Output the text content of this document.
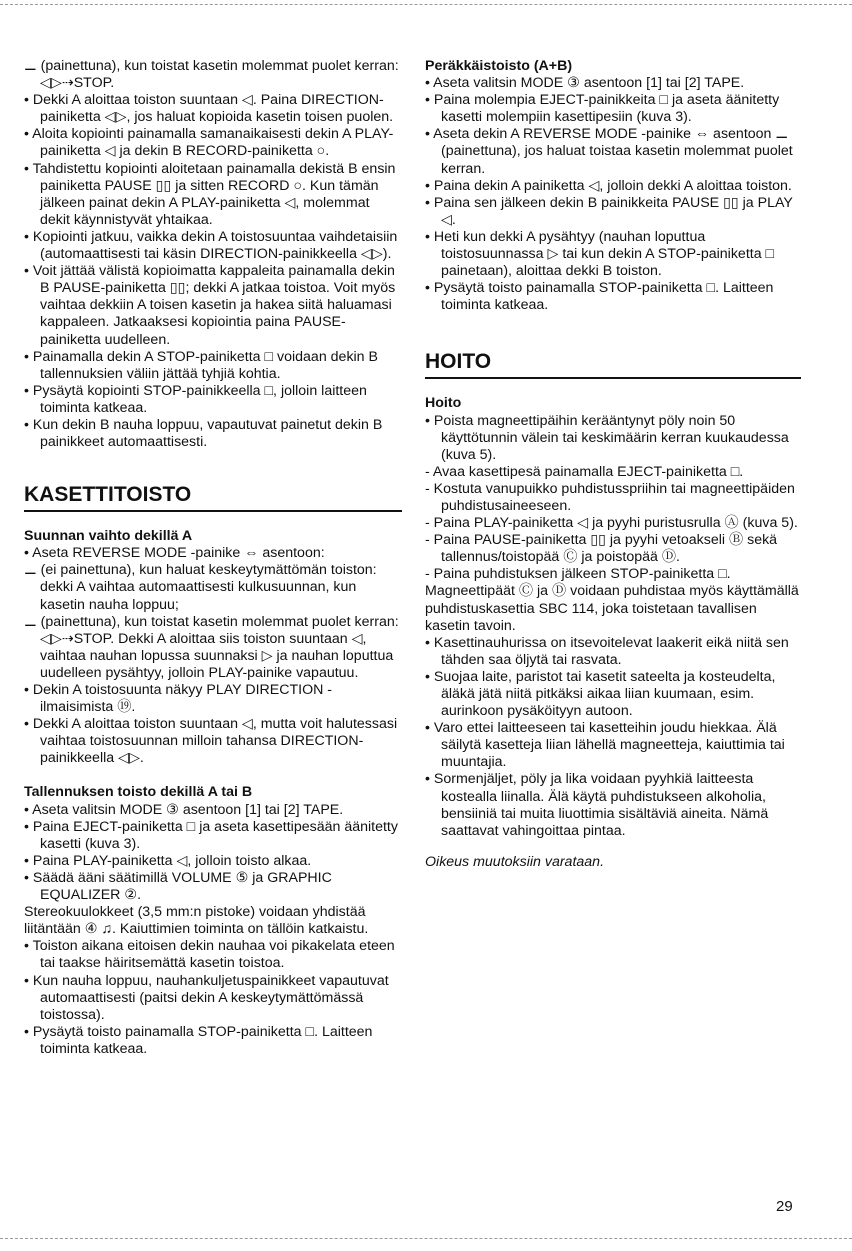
⚊ (painettuna), kun toistat kasetin molemmat puolet kerran: ◁▷⇢STOP.

• Dekki A aloittaa toiston suuntaan ◁. Paina DIRECTION-painiketta ◁▷, jos haluat kopioida kasetin toisen puolen.

• Aloita kopiointi painamalla samanaikaisesti dekin A PLAY-painiketta ◁ ja dekin B RECORD-painiketta ○.

• Tahdistettu kopiointi aloitetaan painamalla dekistä B ensin painiketta PAUSE ▯▯ ja sitten RECORD ○. Kun tämän jälkeen painat dekin A PLAY-painiketta ◁, molemmat dekit käynnistyvät yhtaikaa.

• Kopiointi jatkuu, vaikka dekin A toistosuuntaa vaihdetaisiin (automaattisesti tai käsin DIRECTION-painikkeella ◁▷).

• Voit jättää välistä kopioimatta kappaleita painamalla dekin B PAUSE-painiketta ▯▯; dekki A jatkaa toistoa. Voit myös vaihtaa dekkiin A toisen kasetin ja hakea siitä haluamasi kappaleen. Jatkaaksesi kopiointia paina PAUSE-painiketta uudelleen.

• Painamalla dekin A STOP-painiketta □ voidaan dekin B tallennuksien väliin jättää tyhjiä kohtia.

• Pysäytä kopiointi STOP-painikkeella □, jolloin laitteen toiminta katkeaa.

• Kun dekin B nauha loppuu, vapautuvat painetut dekin B painikkeet automaattisesti.

KASETTITOISTO

Suunnan vaihto dekillä A

• Aseta REVERSE MODE -painike ⇔ asentoon:

⚊ (ei painettuna), kun haluat keskeytymättömän toiston: dekki A vaihtaa automaattisesti kulkusuunnan, kun kasetin nauha loppuu;

⚊ (painettuna), kun toistat kasetin molemmat puolet kerran: ◁▷⇢STOP. Dekki A aloittaa siis toiston suuntaan ◁, vaihtaa nauhan lopussa suunnaksi ▷ ja nauhan loputtua uudelleen pysähtyy, jolloin PLAY-painike vapautuu.

• Dekin A toistosuunta näkyy PLAY DIRECTION -ilmaisimista ⑲.

• Dekki A aloittaa toiston suuntaan ◁, mutta voit halutessasi vaihtaa toistosuunnan milloin tahansa DIRECTION-painikkeella ◁▷.

Tallennuksen toisto dekillä A tai B

• Aseta valitsin MODE ③ asentoon [1] tai [2] TAPE.

• Paina EJECT-painiketta □ ja aseta kasettipesään äänitetty kasetti (kuva 3).

• Paina PLAY-painiketta ◁, jolloin toisto alkaa.

• Säädä ääni säätimillä VOLUME ⑤ ja GRAPHIC EQUALIZER ②.

Stereokuulokkeet (3,5 mm:n pistoke) voidaan yhdistää liitäntään ④ ♫. Kaiuttimien toiminta on tällöin katkaistu.

• Toiston aikana eitoisen dekin nauhaa voi pikakelata eteen tai taakse häiritsemättä kasetin toistoa.

• Kun nauha loppuu, nauhankuljetuspainikkeet vapautuvat automaattisesti (paitsi dekin A keskeytymättömässä toistossa).

• Pysäytä toisto painamalla STOP-painiketta □. Laitteen toiminta katkeaa.

Peräkkäistoisto (A+B)

• Aseta valitsin MODE ③ asentoon [1] tai [2] TAPE.

• Paina molempia EJECT-painikkeita □ ja aseta äänitetty kasetti molempiin kasettipesiin (kuva 3).

• Aseta dekin A REVERSE MODE -painike ⇔ asentoon ⚊ (painettuna), jos haluat toistaa kasetin molemmat puolet kerran.

• Paina dekin A painiketta ◁, jolloin dekki A aloittaa toiston.

• Paina sen jälkeen dekin B painikkeita PAUSE ▯▯ ja PLAY ◁.

• Heti kun dekki A pysähtyy (nauhan loputtua toistosuunnassa ▷ tai kun dekin A STOP-painiketta □ painetaan), aloittaa dekki B toiston.

• Pysäytä toisto painamalla STOP-painiketta □. Laitteen toiminta katkeaa.

HOITO

Hoito

• Poista magneettipäihin kerääntynyt pöly noin 50 käyttötunnin välein tai keskimäärin kerran kuukaudessa (kuva 5).

- Avaa kasettipesä painamalla EJECT-painiketta □.

- Kostuta vanupuikko puhdistusspriihin tai magneettipäiden puhdistusaineeseen.

- Paina PLAY-painiketta ◁ ja pyyhi puristusrulla Ⓐ (kuva 5).

- Paina PAUSE-painiketta ▯▯ ja pyyhi vetoakseli Ⓑ sekä tallennus/toistopää Ⓒ ja poistopää Ⓓ.

- Paina puhdistuksen jälkeen STOP-painiketta □.

Magneettipäät Ⓒ ja Ⓓ voidaan puhdistaa myös käyttämällä puhdistuskasettia SBC 114, joka toistetaan tavallisen kasetin tavoin.

• Kasettinauhurissa on itsevoitelevat laakerit eikä niitä sen tähden saa öljytä tai rasvata.

• Suojaa laite, paristot tai kasetit sateelta ja kosteudelta, äläkä jätä niitä pitkäksi aikaa liian kuumaan, esim. aurinkoon pysäköityyn autoon.

• Varo ettei laitteeseen tai kasetteihin joudu hiekkaa. Älä säilytä kasetteja liian lähellä magneetteja, kaiuttimia tai muuntajia.

• Sormenjäljet, pöly ja lika voidaan pyyhkiä laitteesta kostealla liinalla. Älä käytä puhdistukseen alkoholia, bensiiniä tai muita liuottimia sisältäviä aineita. Nämä saattavat vahingoittaa pintaa.

Oikeus muutoksiin varataan.

29
